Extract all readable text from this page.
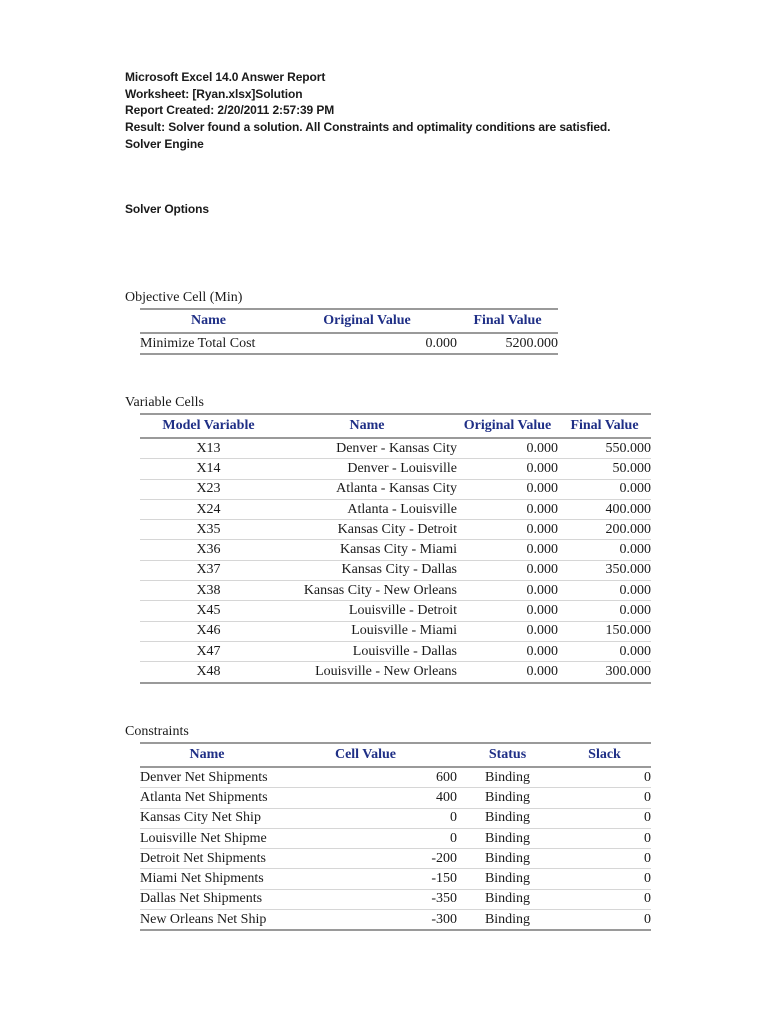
Microsoft Excel 14.0 Answer Report
Worksheet: [Ryan.xlsx]Solution
Report Created: 2/20/2011 2:57:39 PM
Result: Solver found a solution. All Constraints and optimality conditions are satisfied.
Solver Engine
Solver Options
Objective Cell (Min)
Name	Original Value	Final Value
Minimize Total Cost	0.000	5200.000
Variable Cells
Model Variable	Name	Original Value	Final Value
X13	Denver - Kansas City	0.000	550.000
X14	Denver - Louisville	0.000	50.000
X23	Atlanta - Kansas City	0.000	0.000
X24	Atlanta - Louisville	0.000	400.000
X35	Kansas City - Detroit	0.000	200.000
X36	Kansas City - Miami	0.000	0.000
X37	Kansas City - Dallas	0.000	350.000
X38	Kansas City - New Orleans	0.000	0.000
X45	Louisville - Detroit	0.000	0.000
X46	Louisville - Miami	0.000	150.000
X47	Louisville - Dallas	0.000	0.000
X48	Louisville - New Orleans	0.000	300.000
Constraints
Name	Cell Value	Status	Slack
Denver Net Shipments	600	Binding	0
Atlanta Net Shipments	400	Binding	0
Kansas City Net Ship	0	Binding	0
Louisville Net Shipme	0	Binding	0
Detroit Net Shipments	-200	Binding	0
Miami Net Shipments	-150	Binding	0
Dallas Net Shipments	-350	Binding	0
New Orleans Net Ship	-300	Binding	0
